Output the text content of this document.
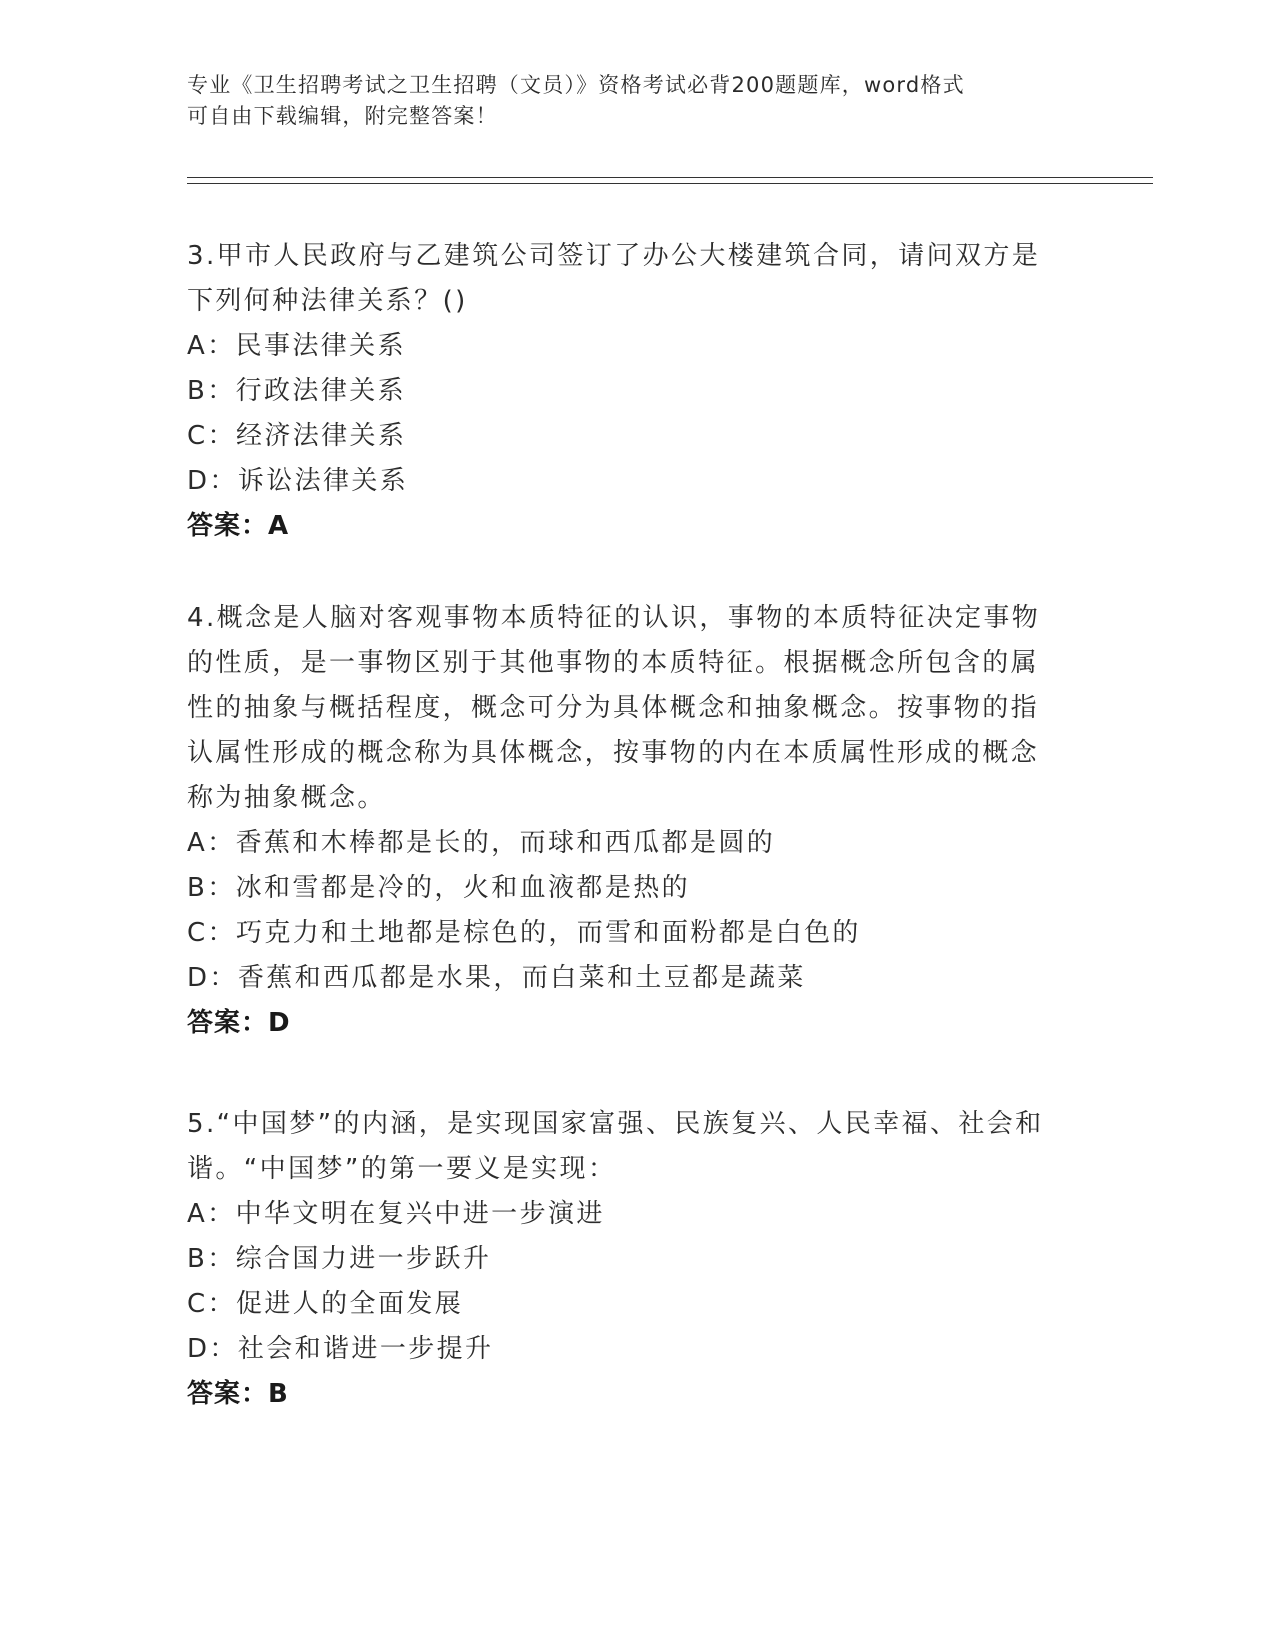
专业《卫生招聘考试之卫生招聘（文员）》资格考试必背200题题库，word格式
可自由下载编辑，附完整答案！
3.甲市人民政府与乙建筑公司签订了办公大楼建筑合同，请问双方是下列何种法律关系？()
A：民事法律关系
B：行政法律关系
C：经济法律关系
D：诉讼法律关系
答案：A
4.概念是人脑对客观事物本质特征的认识，事物的本质特征决定事物的性质，是一事物区别于其他事物的本质特征。根据概念所包含的属性的抽象与概括程度，概念可分为具体概念和抽象概念。按事物的指认属性形成的概念称为具体概念，按事物的内在本质属性形成的概念称为抽象概念。
A：香蕉和木棒都是长的，而球和西瓜都是圆的
B：冰和雪都是冷的，火和血液都是热的
C：巧克力和土地都是棕色的，而雪和面粉都是白色的
D：香蕉和西瓜都是水果，而白菜和土豆都是蔬菜
答案：D
5.“中国梦”的内涵，是实现国家富强、民族复兴、人民幸福、社会和谐。“中国梦”的第一要义是实现：
A：中华文明在复兴中进一步演进
B：综合国力进一步跃升
C：促进人的全面发展
D：社会和谐进一步提升
答案：B
